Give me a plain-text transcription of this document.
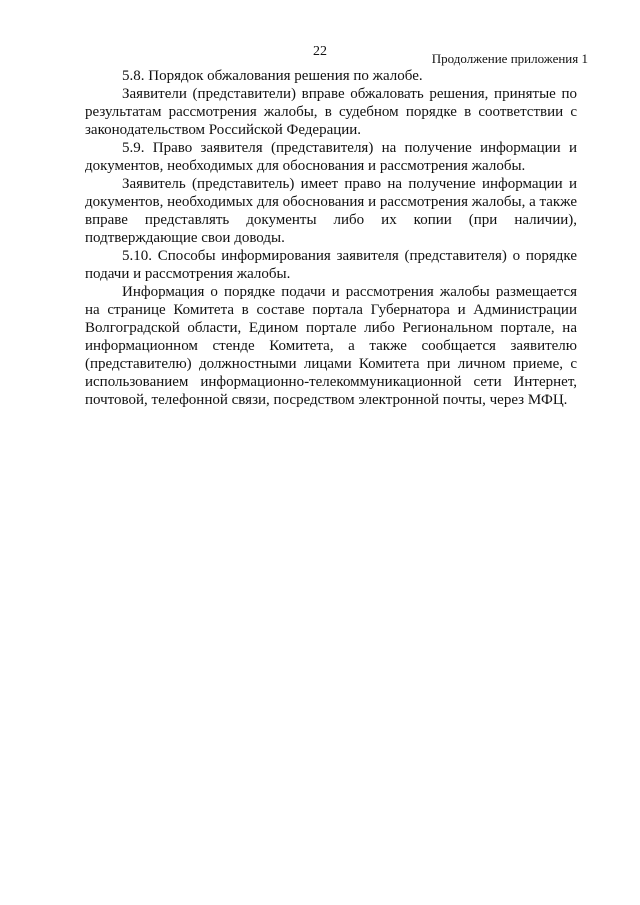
22	Продолжение приложения 1

5.8. Порядок обжалования решения по жалобе.

Заявители (представители) вправе обжаловать решения, принятые по результатам рассмотрения жалобы, в судебном порядке в соответствии с законодательством Российской Федерации.

5.9. Право заявителя (представителя) на получение информации и документов, необходимых для обоснования и рассмотрения жалобы.

Заявитель (представитель) имеет право на получение информации и документов, необходимых для обоснования и рассмотрения жалобы, а также вправе представлять документы либо их копии (при наличии), подтверждающие свои доводы.

5.10. Способы информирования заявителя (представителя) о порядке подачи и рассмотрения жалобы.

Информация о порядке подачи и рассмотрения жалобы размещается на странице Комитета в составе портала Губернатора и Администрации Волгоградской области, Едином портале либо Региональном портале, на информационном стенде Комитета, а также сообщается заявителю (представителю) должностными лицами Комитета при личном приеме, с использованием информационно-телекоммуникационной сети Интернет, почтовой, телефонной связи, посредством электронной почты, через МФЦ.
